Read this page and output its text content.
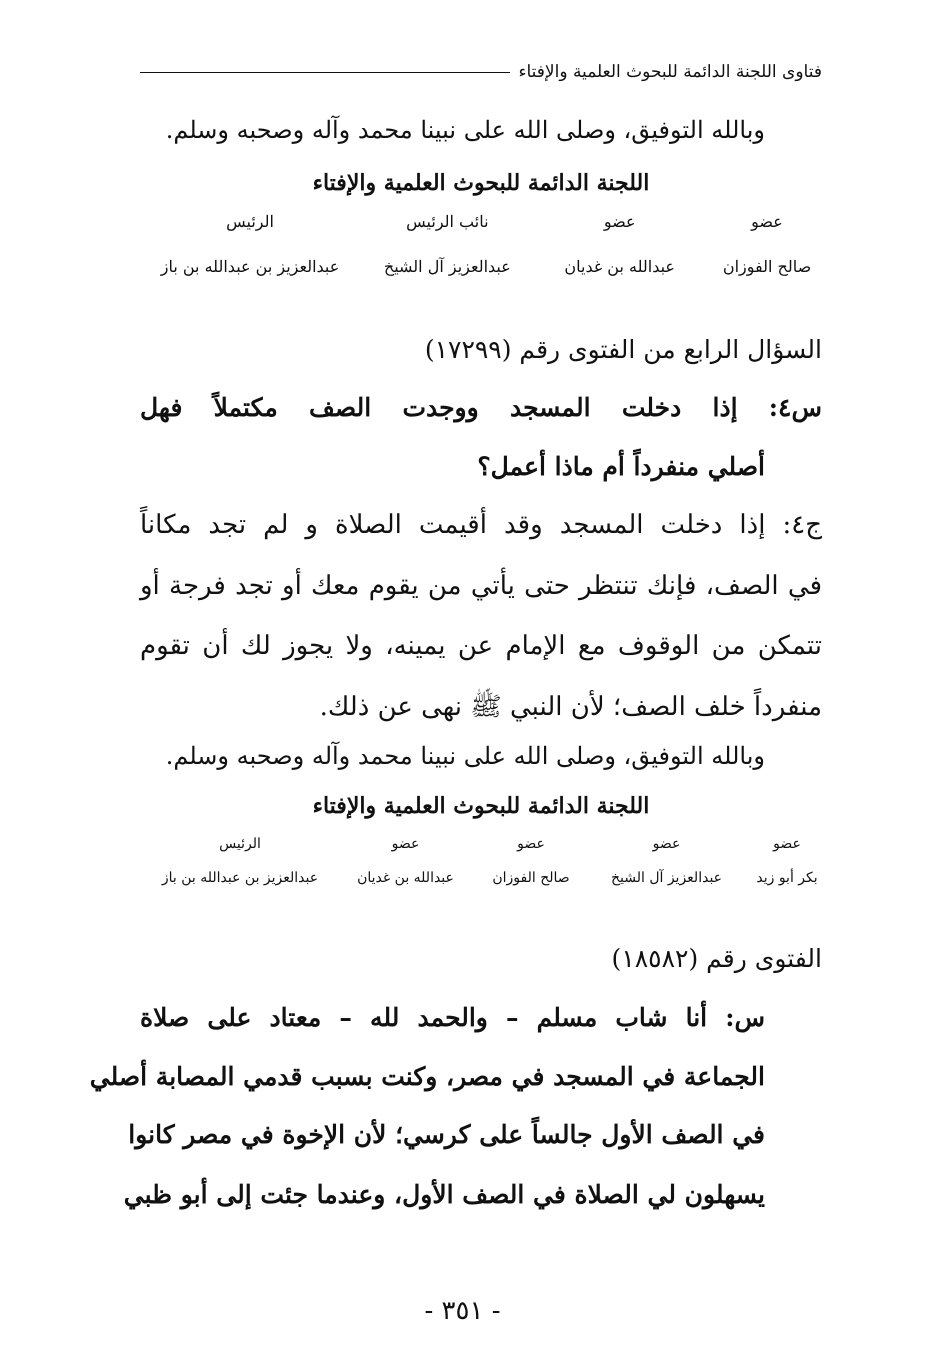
فتاوى اللجنة الدائمة للبحوث العلمية والإفتاء
وبالله التوفيق، وصلى الله على نبينا محمد وآله وصحبه وسلم.
اللجنة الدائمة للبحوث العلمية والإفتاء
عضو
عضو
نائب الرئيس
الرئيس
صالح الفوزان
عبدالله بن غديان
عبدالعزيز آل الشيخ
عبدالعزيز بن عبدالله بن باز
السؤال الرابع من الفتوى رقم (١٧٢٩٩)
س٤: إذا دخلت المسجد ووجدت الصف مكتملاً فهل
أصلي منفرداً أم ماذا أعمل؟
ج٤: إذا دخلت المسجد وقد أقيمت الصلاة و لم تجد مكاناً
في الصف، فإنك تنتظر حتى يأتي من يقوم معك أو تجد فرجة أو
تتمكن من الوقوف مع الإمام عن يمينه، ولا يجوز لك أن تقوم
منفرداً خلف الصف؛ لأن النبي ﷺ نهى عن ذلك.
وبالله التوفيق، وصلى الله على نبينا محمد وآله وصحبه وسلم.
اللجنة الدائمة للبحوث العلمية والإفتاء
عضو
عضو
عضو
عضو
الرئيس
بكر أبو زيد
عبدالعزيز آل الشيخ
صالح الفوزان
عبدالله بن غديان
عبدالعزيز بن عبدالله بن باز
الفتوى رقم (١٨٥٨٢)
س: أنا شاب مسلم – والحمد لله – معتاد على صلاة
الجماعة في المسجد في مصر، وكنت بسبب قدمي المصابة أصلي
في الصف الأول جالساً على كرسي؛ لأن الإخوة في مصر كانوا
يسهلون لي الصلاة في الصف الأول، وعندما جئت إلى أبو ظبي
- ٣٥١ -
